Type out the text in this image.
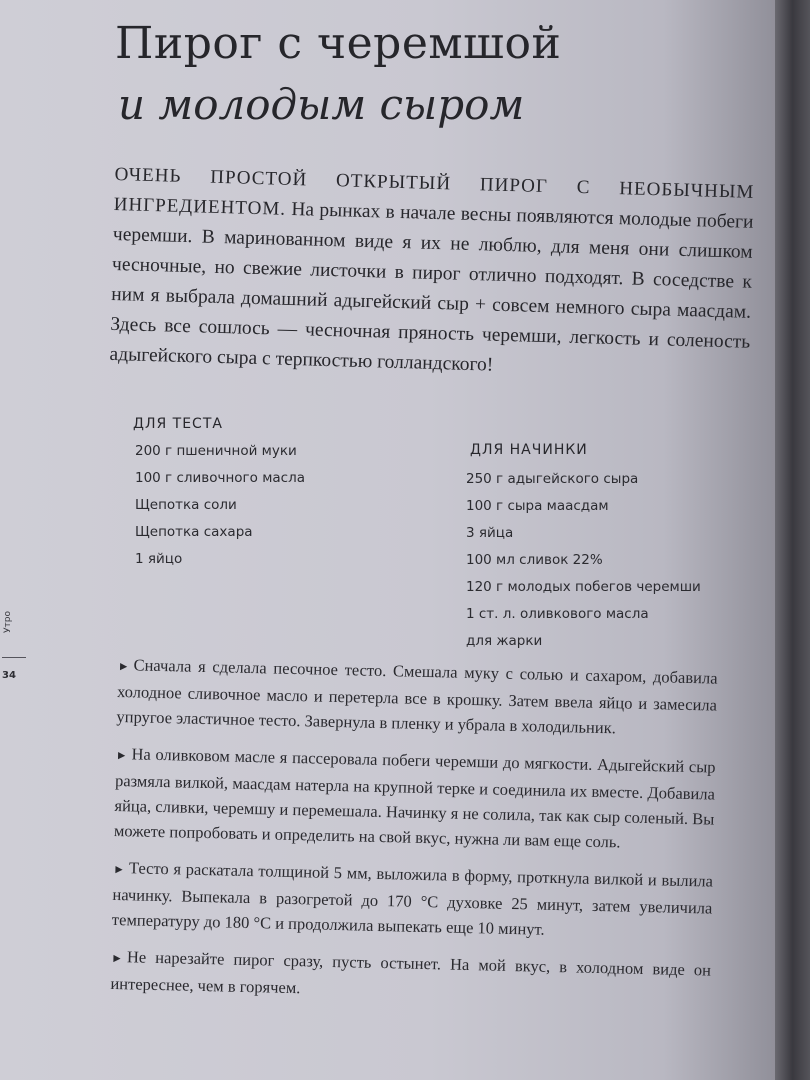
Пирог с черемшой
и молодым сыром
ОЧЕНЬ ПРОСТОЙ ОТКРЫТЫЙ ПИРОГ С НЕОБЫЧНЫМ ИНГРЕДИЕНТОМ. На рынках в начале весны появляются молодые побеги черемши. В маринованном виде я их не люблю, для меня они слишком чесночные, но свежие листочки в пирог отлично подходят. В соседстве к ним я выбрала домашний адыгейский сыр + совсем немного сыра маасдам. Здесь все сошлось — чесночная пряность черемши, легкость и соленость адыгейского сыра с терпкостью голландского!
ДЛЯ ТЕСТА
200 г пшеничной муки
100 г сливочного масла
Щепотка соли
Щепотка сахара
1 яйцо
ДЛЯ НАЧИНКИ
250 г адыгейского сыра
100 г сыра маасдам
3 яйца
100 мл сливок 22%
120 г молодых побегов черемши
1 ст. л. оливкового масла
для жарки
Утро
34

► Сначала я сделала песочное тесто. Смешала муку с солью и сахаром, добавила холодное сливочное масло и перетерла все в крошку. Затем ввела яйцо и замесила упругое эластичное тесто. Завернула в пленку и убрала в холодильник.

► На оливковом масле я пассеровала побеги черемши до мягкости. Адыгейский сыр размяла вилкой, маасдам натерла на крупной терке и соединила их вместе. Добавила яйца, сливки, черемшу и перемешала. Начинку я не солила, так как сыр соленый. Вы можете попробовать и определить на свой вкус, нужна ли вам еще соль.

► Тесто я раскатала толщиной 5 мм, выложила в форму, проткнула вилкой и вылила начинку. Выпекала в разогретой до 170 °С духовке 25 минут, затем увеличила температуру до 180 °С и продолжила выпекать еще 10 минут.

► Не нарезайте пирог сразу, пусть остынет. На мой вкус, в холодном виде он интереснее, чем в горячем.
